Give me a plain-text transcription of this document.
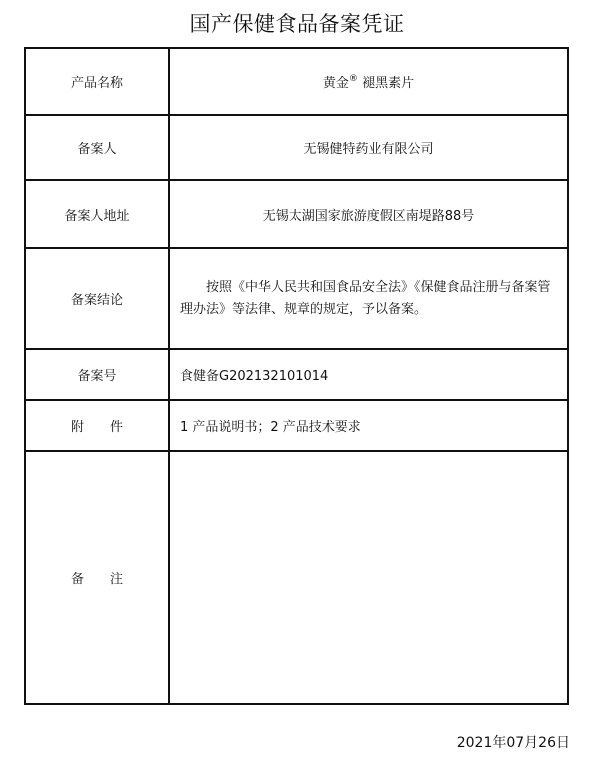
国产保健食品备案凭证
产品名称	黄金® 褪黑素片
备案人	无锡健特药业有限公司
备案人地址	无锡太湖国家旅游度假区南堤路88号
备案结论	按照《中华人民共和国食品安全法》《保健食品注册与备案管理办法》等法律、规章的规定，予以备案。

备案号	食健备G202132101014
附　　件	1 产品说明书；2 产品技术要求
备　　注	
2021年07月26日
